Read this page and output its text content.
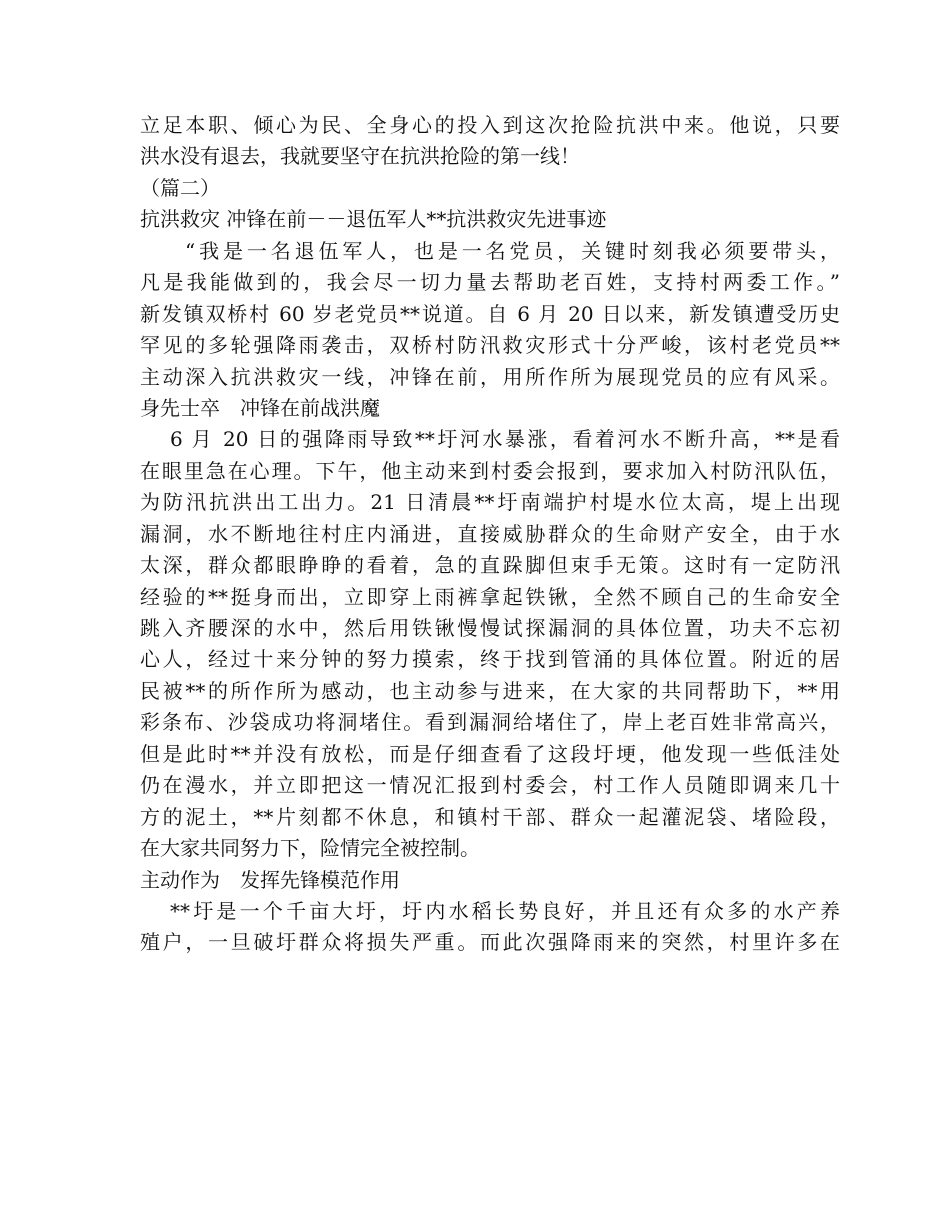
立足本职、倾心为民、全身心的投入到这次抢险抗洪中来。他说，只要
洪水没有退去，我就要坚守在抗洪抢险的第一线！
（篇二）
抗洪救灾 冲锋在前－－退伍军人**抗洪救灾先进事迹
“我是一名退伍军人，也是一名党员，关键时刻我必须要带头，
凡是我能做到的，我会尽一切力量去帮助老百姓，支持村两委工作。”
新发镇双桥村 60 岁老党员**说道。自 6 月 20 日以来，新发镇遭受历史
罕见的多轮强降雨袭击，双桥村防汛救灾形式十分严峻，该村老党员**
主动深入抗洪救灾一线，冲锋在前，用所作所为展现党员的应有风采。
身先士卒　冲锋在前战洪魔
6 月 20 日的强降雨导致**圩河水暴涨，看着河水不断升高，**是看
在眼里急在心理。下午，他主动来到村委会报到，要求加入村防汛队伍，
为防汛抗洪出工出力。21 日清晨**圩南端护村堤水位太高，堤上出现
漏洞，水不断地往村庄内涌进，直接威胁群众的生命财产安全，由于水
太深，群众都眼睁睁的看着，急的直跺脚但束手无策。这时有一定防汛
经验的**挺身而出，立即穿上雨裤拿起铁锹，全然不顾自己的生命安全
跳入齐腰深的水中，然后用铁锹慢慢试探漏洞的具体位置，功夫不忘初
心人，经过十来分钟的努力摸索，终于找到管涌的具体位置。附近的居
民被**的所作所为感动，也主动参与进来，在大家的共同帮助下，**用
彩条布、沙袋成功将洞堵住。看到漏洞给堵住了，岸上老百姓非常高兴，
但是此时**并没有放松，而是仔细查看了这段圩埂，他发现一些低洼处
仍在漫水，并立即把这一情况汇报到村委会，村工作人员随即调来几十
方的泥土，**片刻都不休息，和镇村干部、群众一起灌泥袋、堵险段，
在大家共同努力下，险情完全被控制。
主动作为　发挥先锋模范作用
**圩是一个千亩大圩，圩内水稻长势良好，并且还有众多的水产养
殖户，一旦破圩群众将损失严重。而此次强降雨来的突然，村里许多在
